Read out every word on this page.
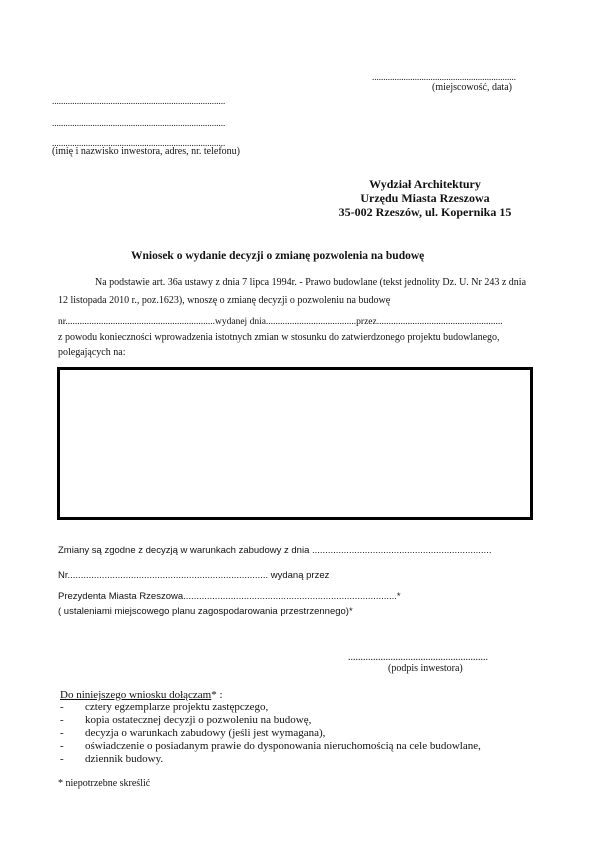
................................................................
(miejscowość, data)
.............................................................................
.............................................................................
.............................................................................
(imię i nazwisko inwestora, adres, nr. telefonu)
Wydział Architektury
Urzędu Miasta Rzeszowa
35-002 Rzeszów, ul. Kopernika 15
Wniosek o wydanie decyzji o zmianę pozwolenia na budowę
Na podstawie art. 36a ustawy z dnia 7 lipca 1994r. - Prawo budowlane (tekst jednolity Dz. U. Nr 243 z dnia
12 listopada 2010 r., poz.1623), wnoszę o zmianę decyzji o pozwoleniu na budowę
nr...............................................................wydanej dnia......................................przez.....................................................
z powodu konieczności wprowadzenia istotnych zmian w stosunku do zatwierdzonego projektu budowlanego,
polegających na:
Zmiany są zgodne z decyzją w warunkach zabudowy z dnia ....................................................................
Nr............................................................................ wydaną przez
Prezydenta Miasta Rzeszowa.................................................................................*
( ustaleniami miejscowego planu zagospodarowania przestrzennego)*
........................................................
(podpis inwestora)
Do niniejszego wniosku dołączam* :
- cztery egzemplarze projektu zastępczego,
- kopia ostatecznej decyzji o pozwoleniu na budowę,
- decyzja o warunkach zabudowy (jeśli jest wymagana),
- oświadczenie o posiadanym prawie do dysponowania nieruchomością na cele budowlane,
- dziennik budowy.
* niepotrzebne skreślić
